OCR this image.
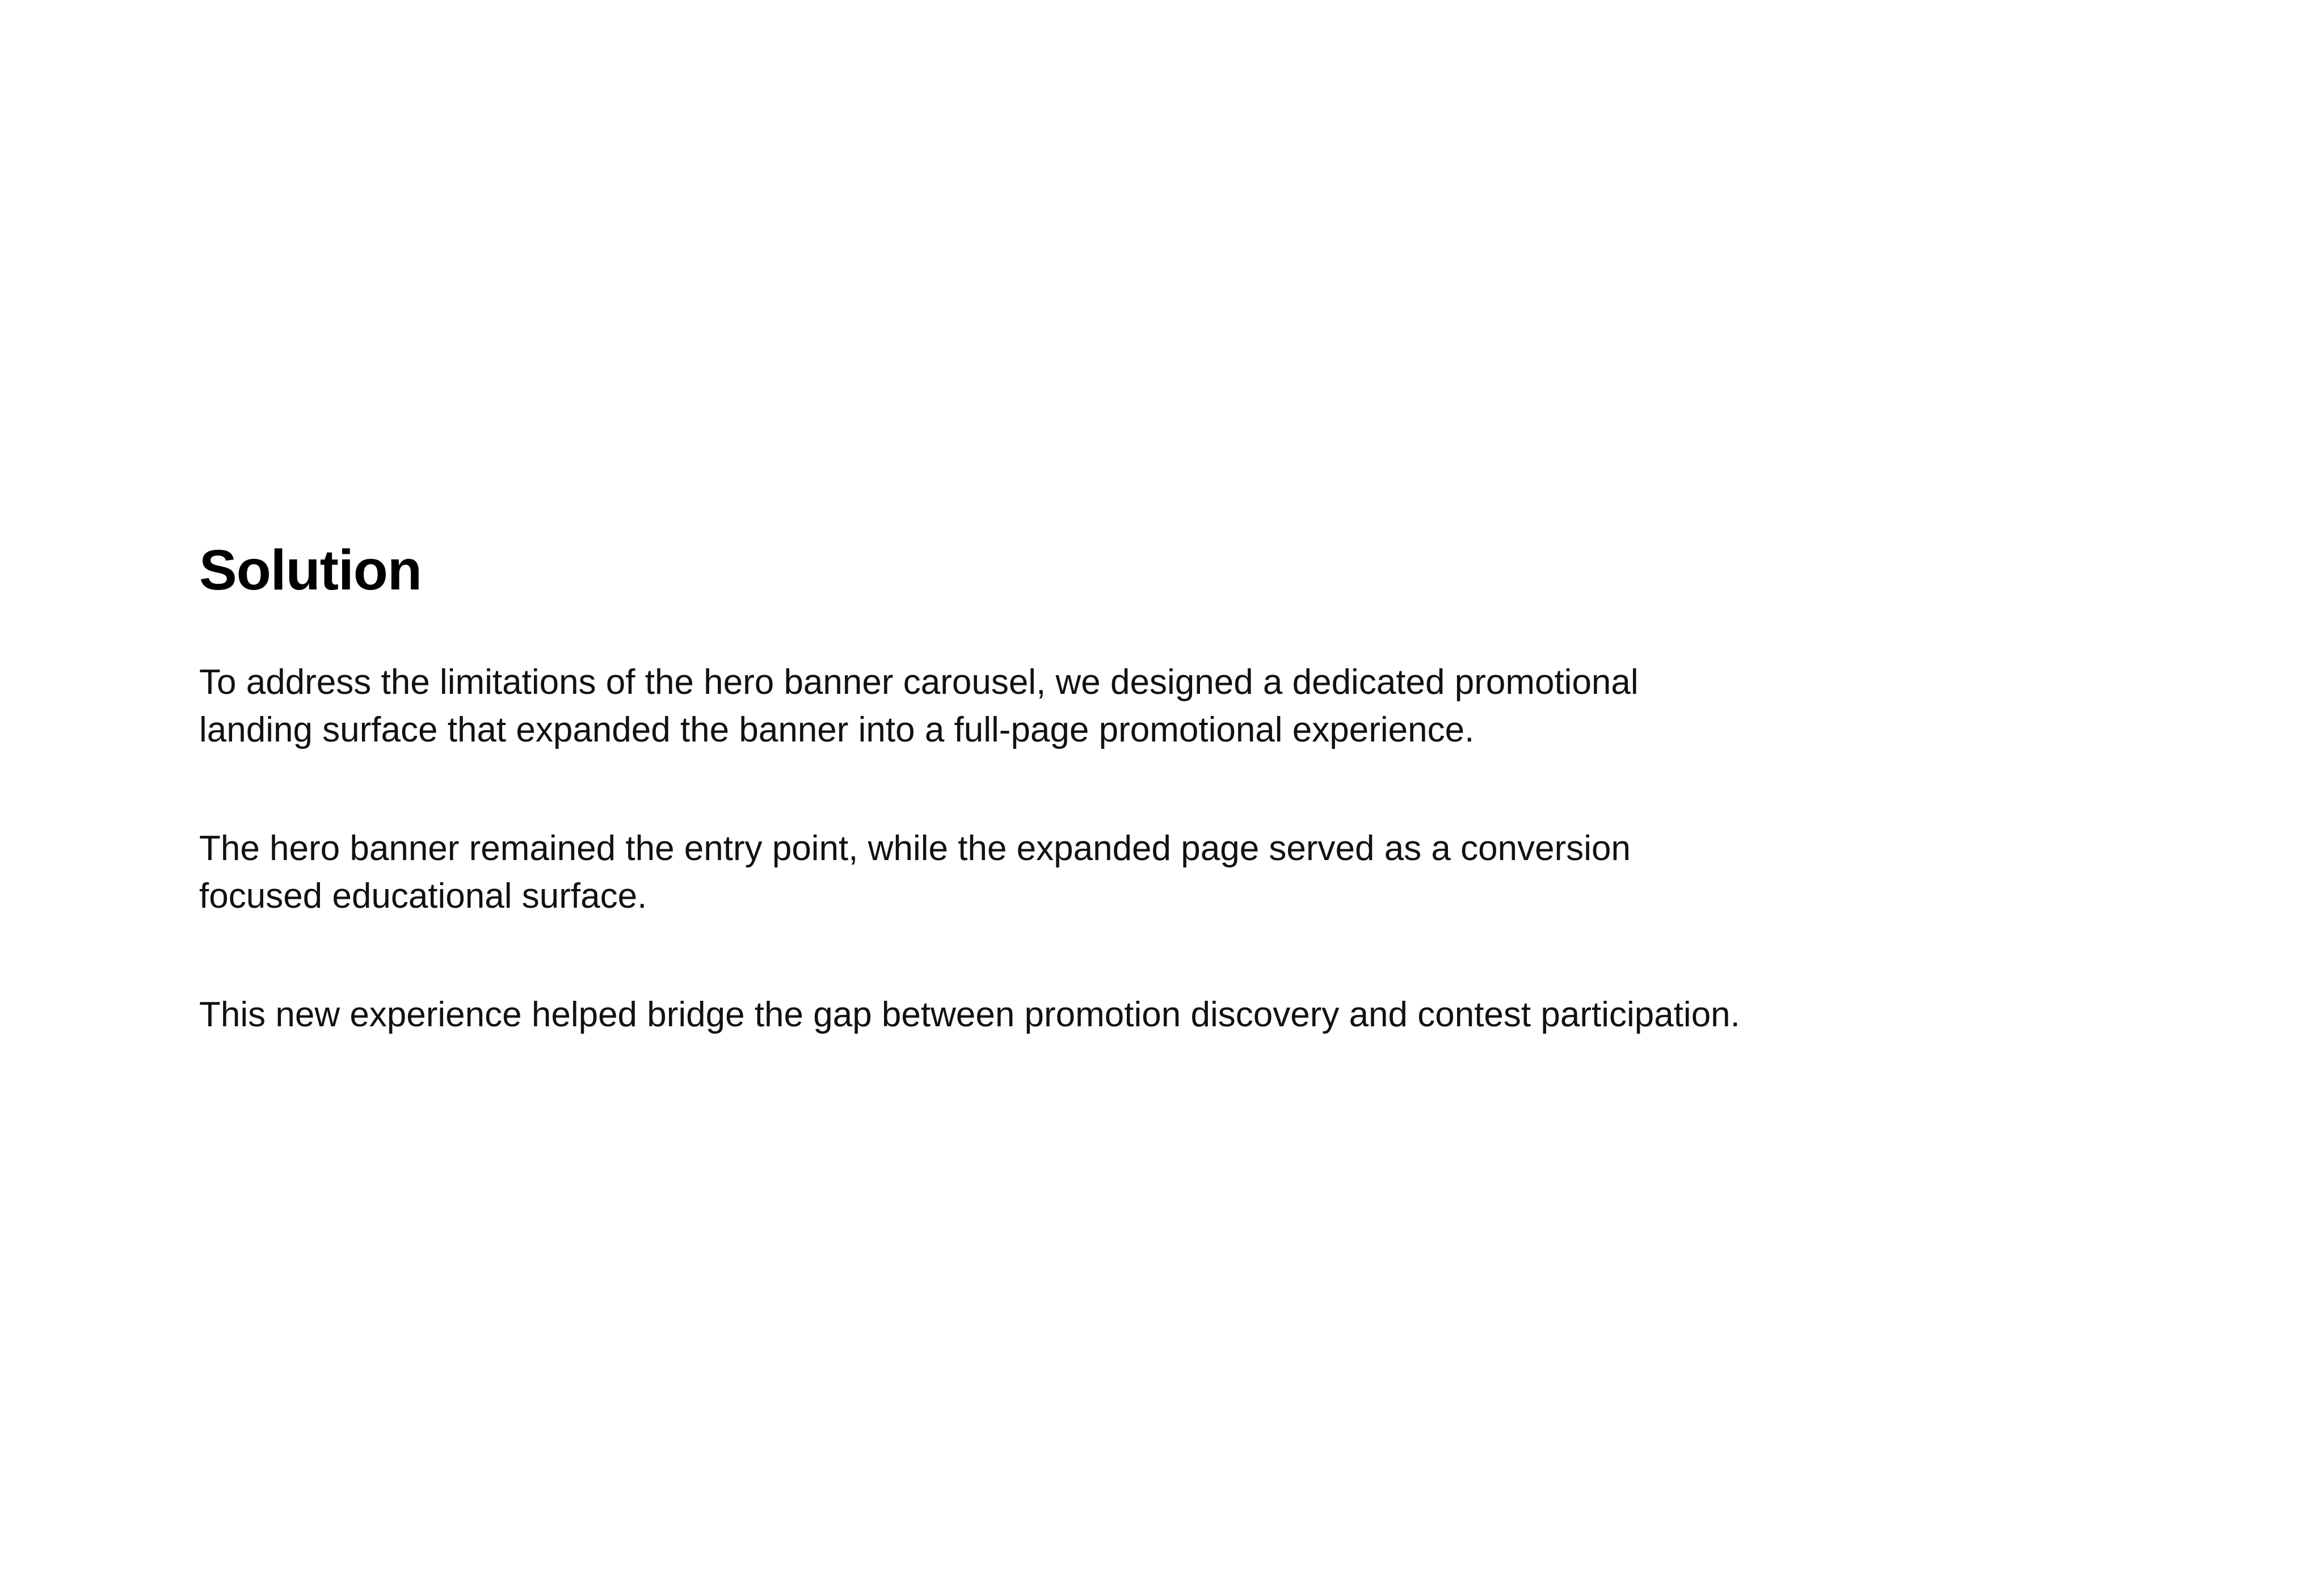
Solution

To address the limitations of the hero banner carousel, we designed a dedicated promotional
landing surface that expanded the banner into a full-page promotional experience.

The hero banner remained the entry point, while the expanded page served as a conversion
focused educational surface.

This new experience helped bridge the gap between promotion discovery and contest participation.
